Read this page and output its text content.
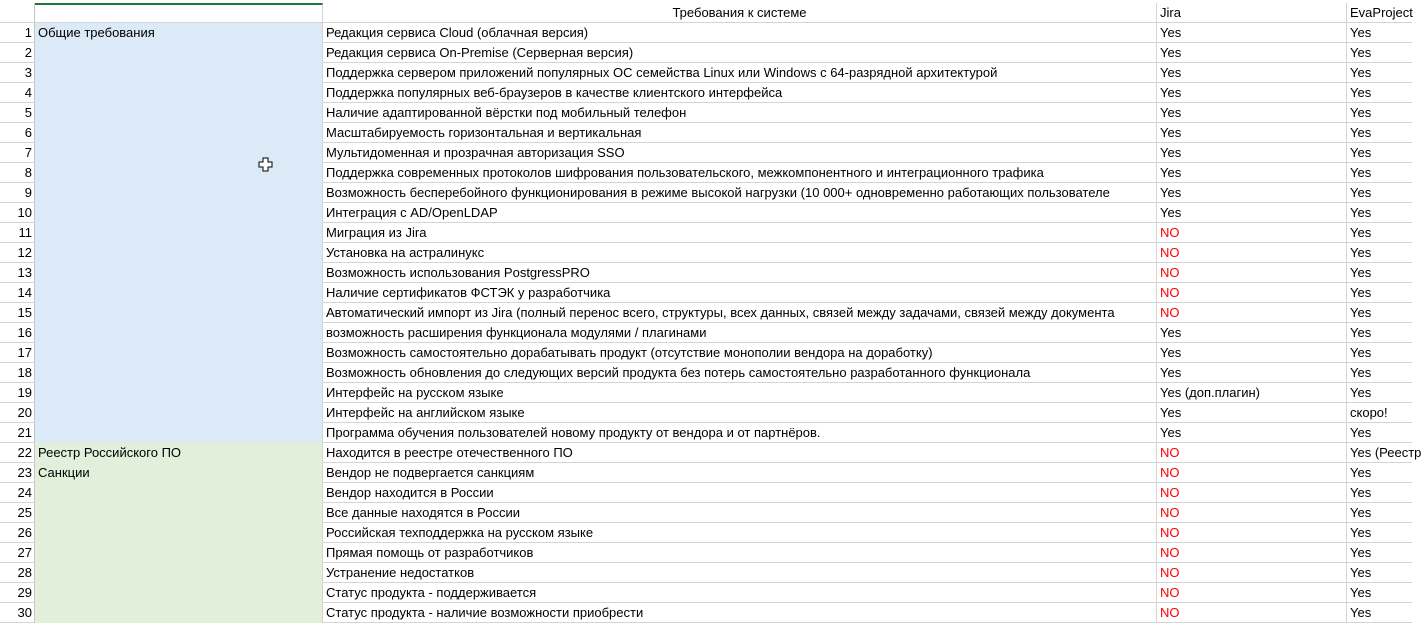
Требования к системе	Jira	EvaProject
1 Общие требования	Редакция сервиса Cloud (облачная версия)	Yes	Yes
2	Редакция сервиса On-Premise (Серверная версия)	Yes	Yes
3	Поддержка сервером приложений популярных ОС семейства Linux или Windows с 64-разрядной архитектурой	Yes	Yes
4	Поддержка популярных веб-браузеров в качестве клиентского интерфейса	Yes	Yes
5	Наличие адаптированной вёрстки под мобильный телефон	Yes	Yes
6	Масштабируемость горизонтальная и вертикальная	Yes	Yes
7	Мультидоменная и прозрачная авторизация SSO	Yes	Yes
8	Поддержка современных протоколов шифрования пользовательского, межкомпонентного и интеграционного трафика	Yes	Yes
9	Возможность бесперебойного функционирования в режиме высокой нагрузки (10 000+ одновременно работающих пользователе	Yes	Yes
10	Интеграция с AD/OpenLDAP	Yes	Yes
11	Миграция из Jira	NO	Yes
12	Установка на астралинукс	NO	Yes
13	Возможность использования PostgressPRO	NO	Yes
14	Наличие сертификатов ФСТЭК у разработчика	NO	Yes
15	Автоматический импорт из Jira (полный перенос всего, структуры, всех данных, связей между задачами, связей между документа	NO	Yes
16	возможность расширения функционала модулями / плагинами	Yes	Yes
17	Возможность самостоятельно дорабатывать продукт (отсутствие монополии вендора на доработку)	Yes	Yes
18	Возможность обновления до следующих версий продукта без потерь самостоятельно разработанного функционала	Yes	Yes
19	Интерфейс на русском языке	Yes (доп.плагин)	Yes
20	Интерфейс на английском языке	Yes	скоро!
21	Программа обучения пользователей новому продукту от вендора и от партнёров.	Yes	Yes
22 Реестр Российского ПО	Находится в реестре отечественного ПО	NO	Yes (Реестр
23 Санкции	Вендор не подвергается санкциям	NO	Yes
24	Вендор находится в России	NO	Yes
25	Все данные находятся в России	NO	Yes
26	Российская техподдержка на русском языке	NO	Yes
27	Прямая помощь от разработчиков	NO	Yes
28	Устранение недостатков	NO	Yes
29	Статус продукта - поддерживается	NO	Yes
30	Статус продукта - наличие возможности приобрести	NO	Yes
